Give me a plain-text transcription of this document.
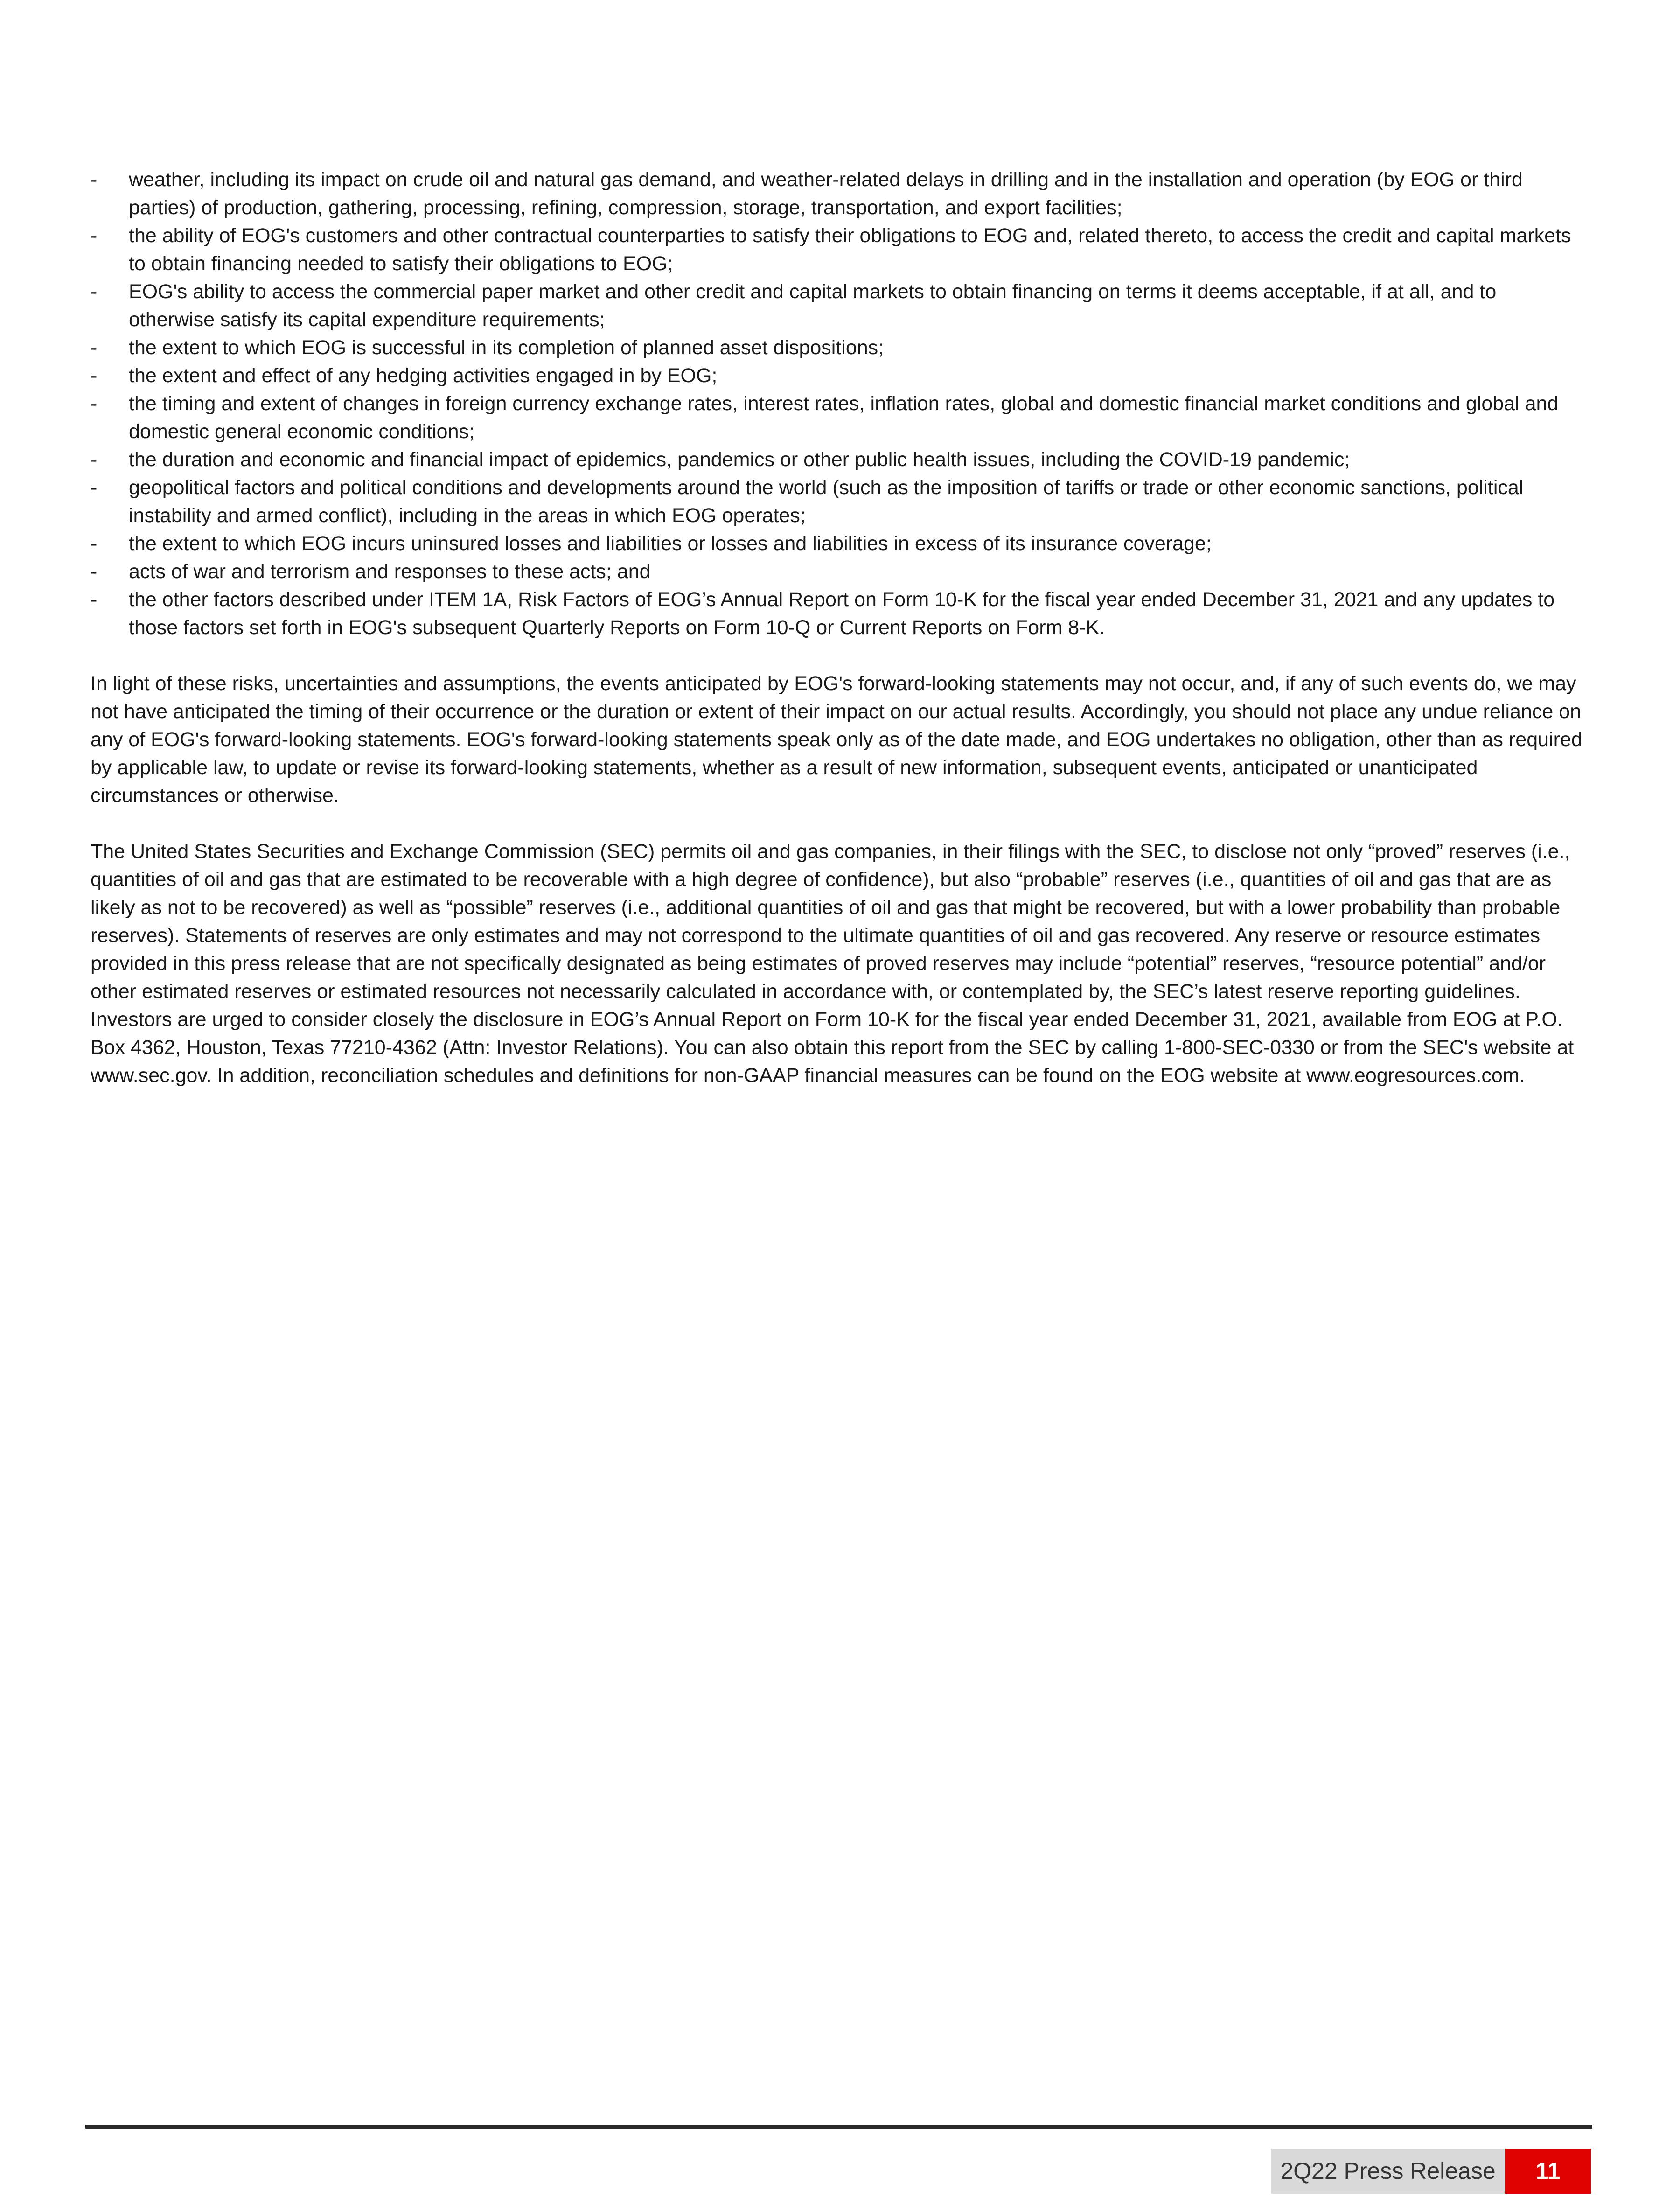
- weather, including its impact on crude oil and natural gas demand, and weather-related delays in drilling and in the installation and operation (by EOG or third parties) of production, gathering, processing, refining, compression, storage, transportation, and export facilities;
- the ability of EOG's customers and other contractual counterparties to satisfy their obligations to EOG and, related thereto, to access the credit and capital markets to obtain financing needed to satisfy their obligations to EOG;
- EOG's ability to access the commercial paper market and other credit and capital markets to obtain financing on terms it deems acceptable, if at all, and to otherwise satisfy its capital expenditure requirements;
- the extent to which EOG is successful in its completion of planned asset dispositions;
- the extent and effect of any hedging activities engaged in by EOG;
- the timing and extent of changes in foreign currency exchange rates, interest rates, inflation rates, global and domestic financial market conditions and global and domestic general economic conditions;
- the duration and economic and financial impact of epidemics, pandemics or other public health issues, including the COVID-19 pandemic;
- geopolitical factors and political conditions and developments around the world (such as the imposition of tariffs or trade or other economic sanctions, political instability and armed conflict), including in the areas in which EOG operates;
- the extent to which EOG incurs uninsured losses and liabilities or losses and liabilities in excess of its insurance coverage;
- acts of war and terrorism and responses to these acts; and
- the other factors described under ITEM 1A, Risk Factors of EOG’s Annual Report on Form 10-K for the fiscal year ended December 31, 2021 and any updates to those factors set forth in EOG's subsequent Quarterly Reports on Form 10-Q or Current Reports on Form 8-K.

In light of these risks, uncertainties and assumptions, the events anticipated by EOG's forward-looking statements may not occur, and, if any of such events do, we may not have anticipated the timing of their occurrence or the duration or extent of their impact on our actual results. Accordingly, you should not place any undue reliance on any of EOG's forward-looking statements. EOG's forward-looking statements speak only as of the date made, and EOG undertakes no obligation, other than as required by applicable law, to update or revise its forward-looking statements, whether as a result of new information, subsequent events, anticipated or unanticipated circumstances or otherwise.

The United States Securities and Exchange Commission (SEC) permits oil and gas companies, in their filings with the SEC, to disclose not only “proved” reserves (i.e., quantities of oil and gas that are estimated to be recoverable with a high degree of confidence), but also “probable” reserves (i.e., quantities of oil and gas that are as likely as not to be recovered) as well as “possible” reserves (i.e., additional quantities of oil and gas that might be recovered, but with a lower probability than probable reserves). Statements of reserves are only estimates and may not correspond to the ultimate quantities of oil and gas recovered. Any reserve or resource estimates provided in this press release that are not specifically designated as being estimates of proved reserves may include “potential” reserves, “resource potential” and/or other estimated reserves or estimated resources not necessarily calculated in accordance with, or contemplated by, the SEC’s latest reserve reporting guidelines. Investors are urged to consider closely the disclosure in EOG’s Annual Report on Form 10-K for the fiscal year ended December 31, 2021, available from EOG at P.O. Box 4362, Houston, Texas 77210-4362 (Attn: Investor Relations). You can also obtain this report from the SEC by calling 1-800-SEC-0330 or from the SEC's website at www.sec.gov. In addition, reconciliation schedules and definitions for non-GAAP financial measures can be found on the EOG website at www.eogresources.com.

2Q22 Press Release	11
